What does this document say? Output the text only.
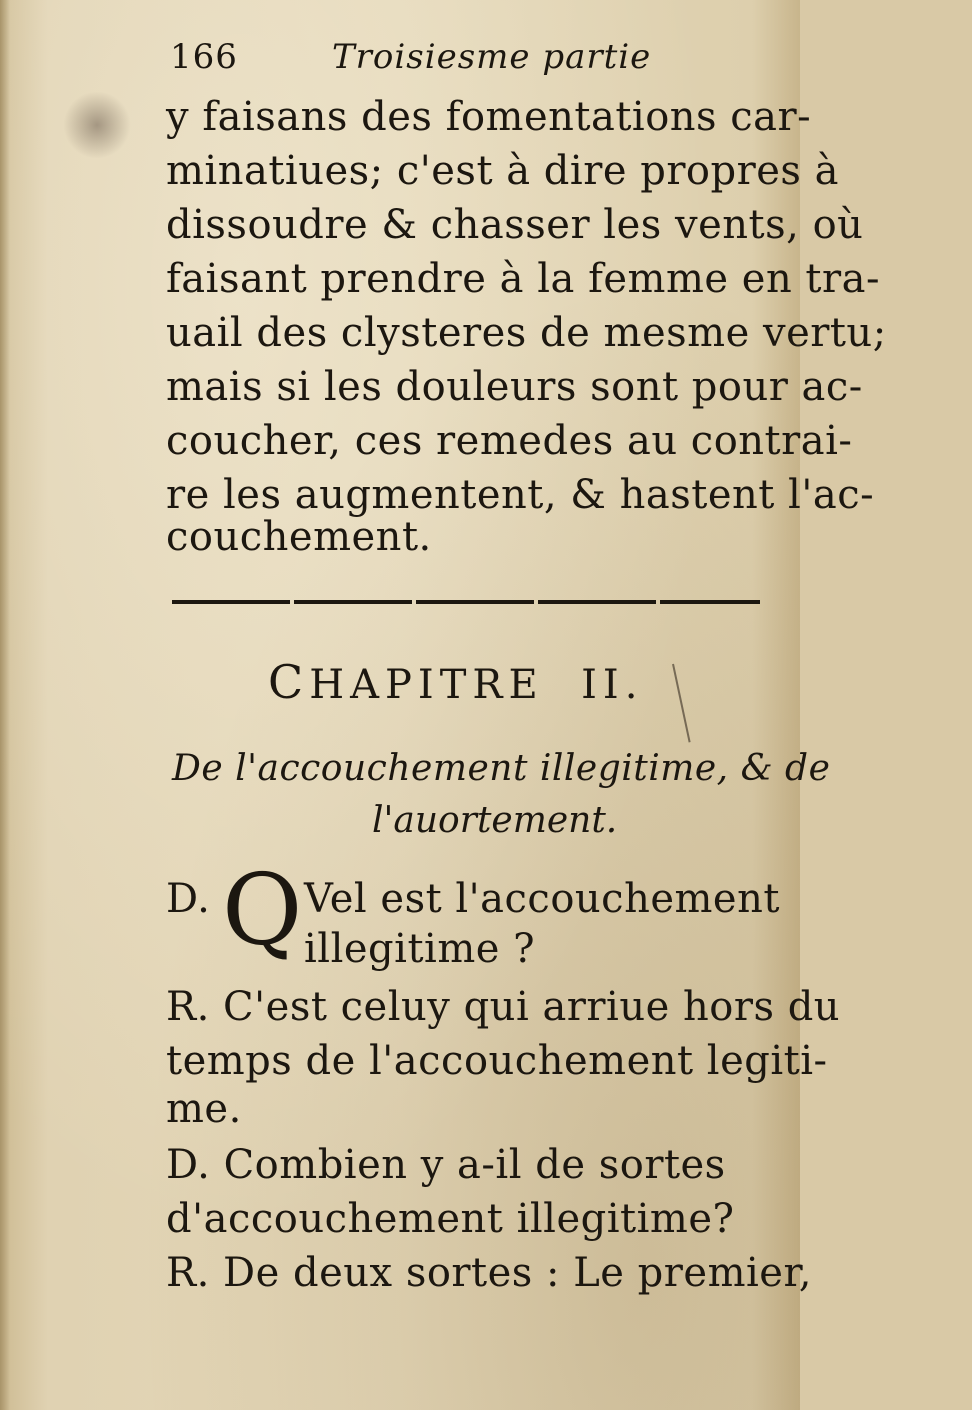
166	Troisiesme partie
y faisans des fomentations car-
minatiues; c'est à dire propres à
dissoudre & chasser les vents, où
faisant prendre à la femme en tra-
uail des clysteres de mesme vertu;
mais si les douleurs sont pour ac-
coucher, ces remedes au contrai-
re les augmentent, & hastent l'ac-
couchement.
CHAPITRE II.
De l'accouchement illegitime, & de
l'auortement.
D. Q Vel est l'accouchement
illegitime ?
R. C'est celuy qui arriue hors du
temps de l'accouchement legiti-
me.
D. Combien y a-il de sortes
d'accouchement illegitime?
R. De deux sortes : Le premier,
